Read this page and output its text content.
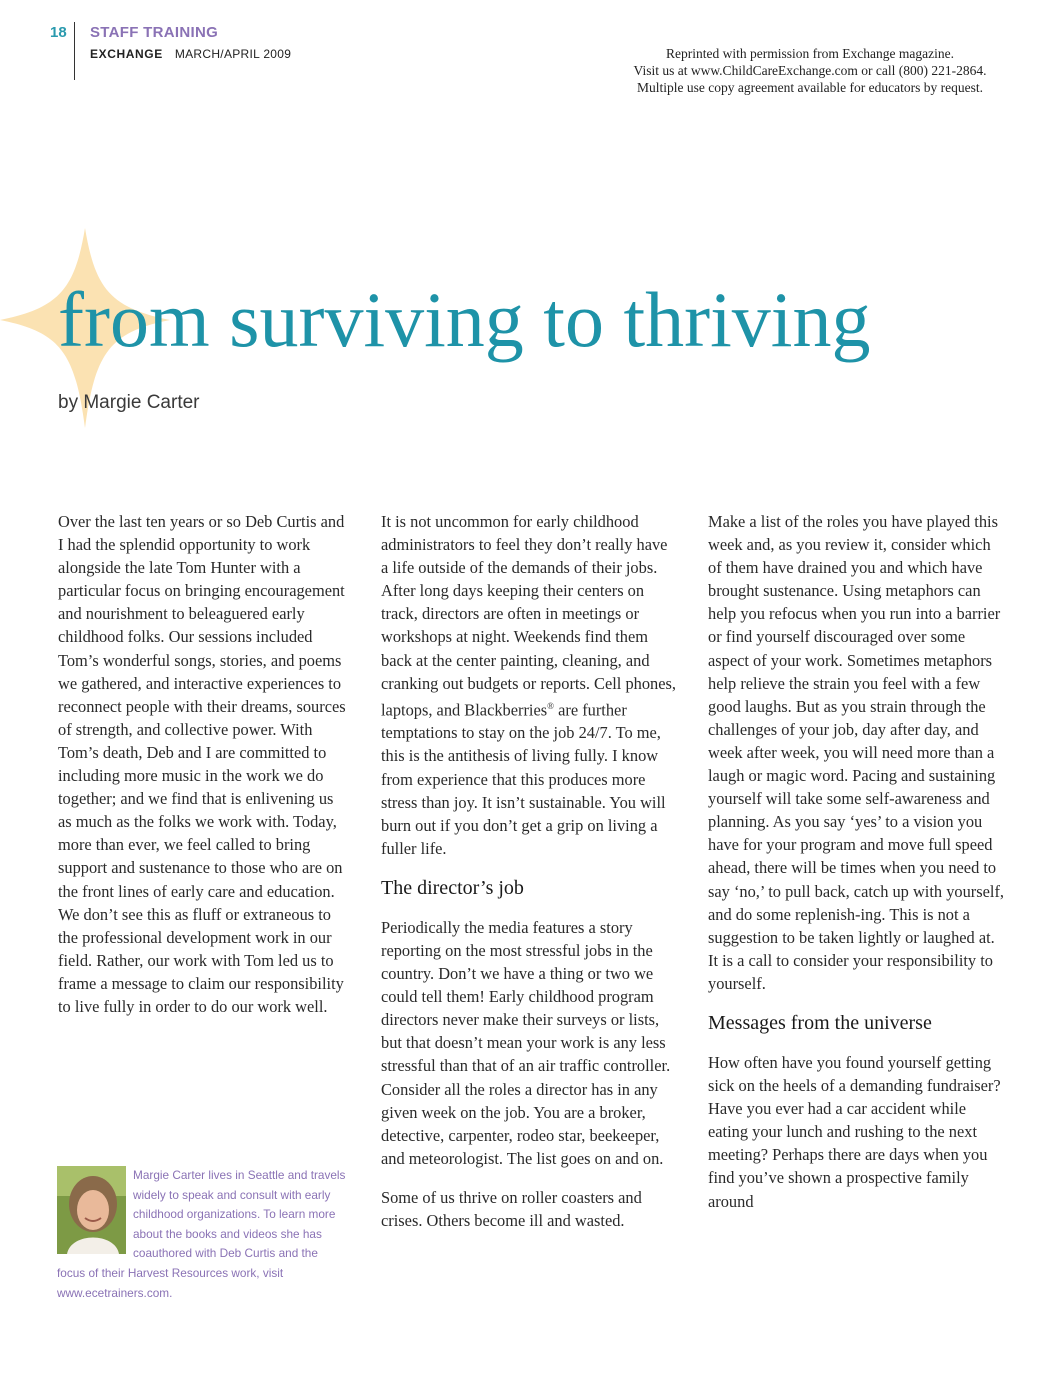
18 STAFF TRAINING
EXCHANGE MARCH/APRIL 2009	Reprinted with permission from Exchange magazine.
Visit us at www.ChildCareExchange.com or call (800) 221-2864.
Multiple use copy agreement available for educators by request.
from surviving to thriving
by Margie Carter

Over the last ten years or so Deb Curtis and I had the splendid opportunity to work alongside the late Tom Hunter with a particular focus on bringing encouragement and nourishment to beleaguered early childhood folks. Our sessions included Tom’s wonderful songs, stories, and poems we gathered, and interactive experiences to reconnect people with their dreams, sources of strength, and collective power. With Tom’s death, Deb and I are committed to including more music in the work we do together; and we find that is enlivening us as much as the folks we work with. Today, more than ever, we feel called to bring support and sustenance to those who are on the front lines of early care and education. We don’t see this as fluff or extraneous to the professional development work in our field. Rather, our work with Tom led us to frame a message to claim our responsibility to live fully in order to do our work well.

It is not uncommon for early childhood administrators to feel they don’t really have a life outside of the demands of their jobs. After long days keeping their centers on track, directors are often in meetings or workshops at night. Weekends find them back at the center painting, cleaning, and cranking out budgets or reports. Cell phones, laptops, and Blackberries® are further temptations to stay on the job 24/7. To me, this is the antithesis of living fully. I know from experience that this produces more stress than joy. It isn’t sustainable. You will burn out if you don’t get a grip on living a fuller life.

The director’s job

Periodically the media features a story reporting on the most stressful jobs in the country. Don’t we have a thing or two we could tell them! Early childhood program directors never make their surveys or lists, but that doesn’t mean your work is any less stressful than that of an air traffic controller. Consider all the roles a director has in any given week on the job. You are a broker, detective, carpenter, rodeo star, beekeeper, and meteorologist. The list goes on and on.

Some of us thrive on roller coasters and crises. Others become ill and wasted.

Make a list of the roles you have played this week and, as you review it, consider which of them have drained you and which have brought sustenance. Using metaphors can help you refocus when you run into a barrier or find yourself discouraged over some aspect of your work. Sometimes metaphors help relieve the strain you feel with a few good laughs. But as you strain through the challenges of your job, day after day, and week after week, you will need more than a laugh or magic word. Pacing and sustaining yourself will take some self-awareness and planning. As you say ‘yes’ to a vision you have for your program and move full speed ahead, there will be times when you need to say ‘no,’ to pull back, catch up with yourself, and do some replenish-ing. This is not a suggestion to be taken lightly or laughed at. It is a call to consider your responsibility to yourself.

Messages from the universe

How often have you found yourself getting sick on the heels of a demanding fundraiser? Have you ever had a car accident while eating your lunch and rushing to the next meeting? Perhaps there are days when you find you’ve shown a prospective family around

Margie Carter lives in Seattle and travels
widely to speak and consult with early
childhood organizations. To learn more
about the books and videos she has
coauthored with Deb Curtis and the
focus of their Harvest Resources work, visit
www.ecetrainers.com.
